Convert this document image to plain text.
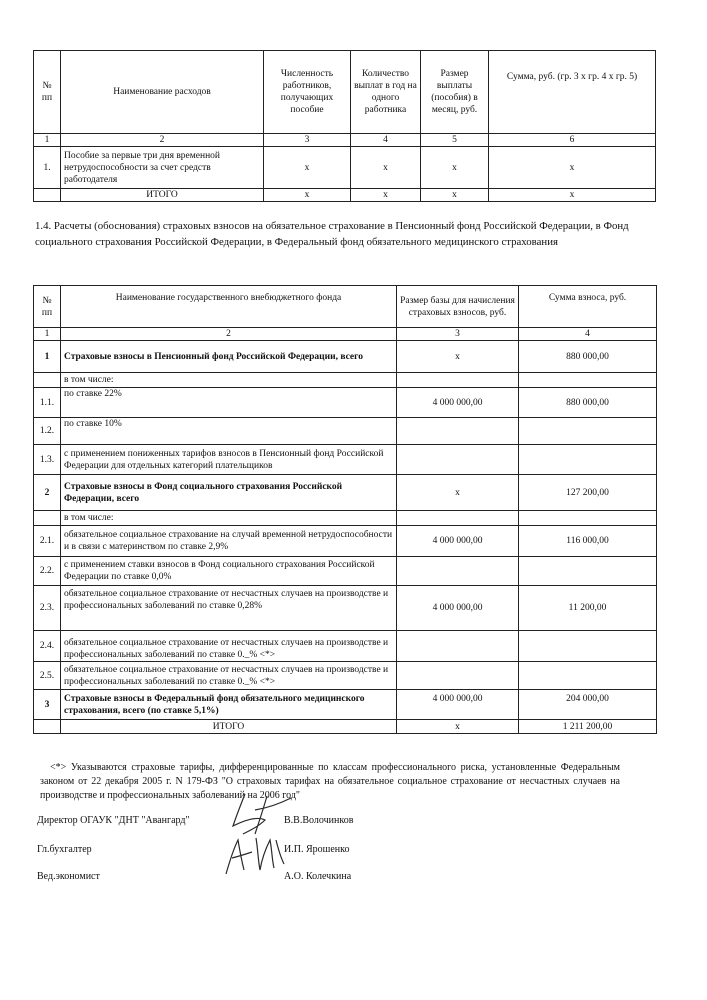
№ пп	Наименование расходов	Численность работников, получающих пособие	Количество выплат в год на одного работника	Размер выплаты (пособия) в месяц, руб.	Сумма, руб. (гр. 3 х гр. 4 х гр. 5)
1	2	3	4	5	6
1.	Пособие за первые три дня временной нетрудоспособности за счет средств работодателя	х	х	х	х
	ИТОГО	х	х	х	х
1.4. Расчеты (обоснования) страховых взносов на обязательное страхование в Пенсионный фонд Российской Федерации, в Фонд социального страхования Российской Федерации, в Федеральный фонд обязательного медицинского страхования
№ пп	Наименование государственного внебюджетного фонда	Размер базы для начисления страховых взносов, руб.	Сумма взноса, руб.
1	2	3	4
1	Страховые взносы в Пенсионный фонд Российской Федерации, всего	х	880 000,00
	в том числе:		
1.1.	по ставке 22%	4 000 000,00	880 000,00
1.2.	по ставке 10%		
1.3.	с применением пониженных тарифов взносов в Пенсионный фонд Российской Федерации для отдельных категорий плательщиков		
2	Страховые взносы в Фонд социального страхования Российской Федерации, всего	х	127 200,00
	в том числе:		
2.1.	обязательное социальное страхование на случай временной нетрудоспособности и в связи с материнством по ставке 2,9%	4 000 000,00	116 000,00
2.2.	с применением ставки взносов в Фонд социального страхования Российской Федерации по ставке 0,0%		
2.3.	обязательное социальное страхование от несчастных случаев на производстве и профессиональных заболеваний по ставке 0,28%	4 000 000,00	11 200,00
2.4.	обязательное социальное страхование от несчастных случаев на производстве и профессиональных заболеваний по ставке 0._% <*>		
2.5.	обязательное социальное страхование от несчастных случаев на производстве и профессиональных заболеваний по ставке 0._% <*>		
3	Страховые взносы в Федеральный фонд обязательного медицинского страхования, всего (по ставке 5,1%)	4 000 000,00	204 000,00
	ИТОГО	х	1 211 200,00
<*> Указываются страховые тарифы, дифференцированные по классам профессионального риска, установленные Федеральным законом от 22 декабря 2005 г. N 179-ФЗ "О страховых тарифах на обязательное социальное страхование от несчастных случаев на производстве и профессиональных заболеваний на 2006 год"
Директор ОГАУК "ДНТ "Авангард"	В.В.Волочинков
Гл.бухгалтер	И.П. Ярошенко
Вед.экономист	А.О. Колечкина
